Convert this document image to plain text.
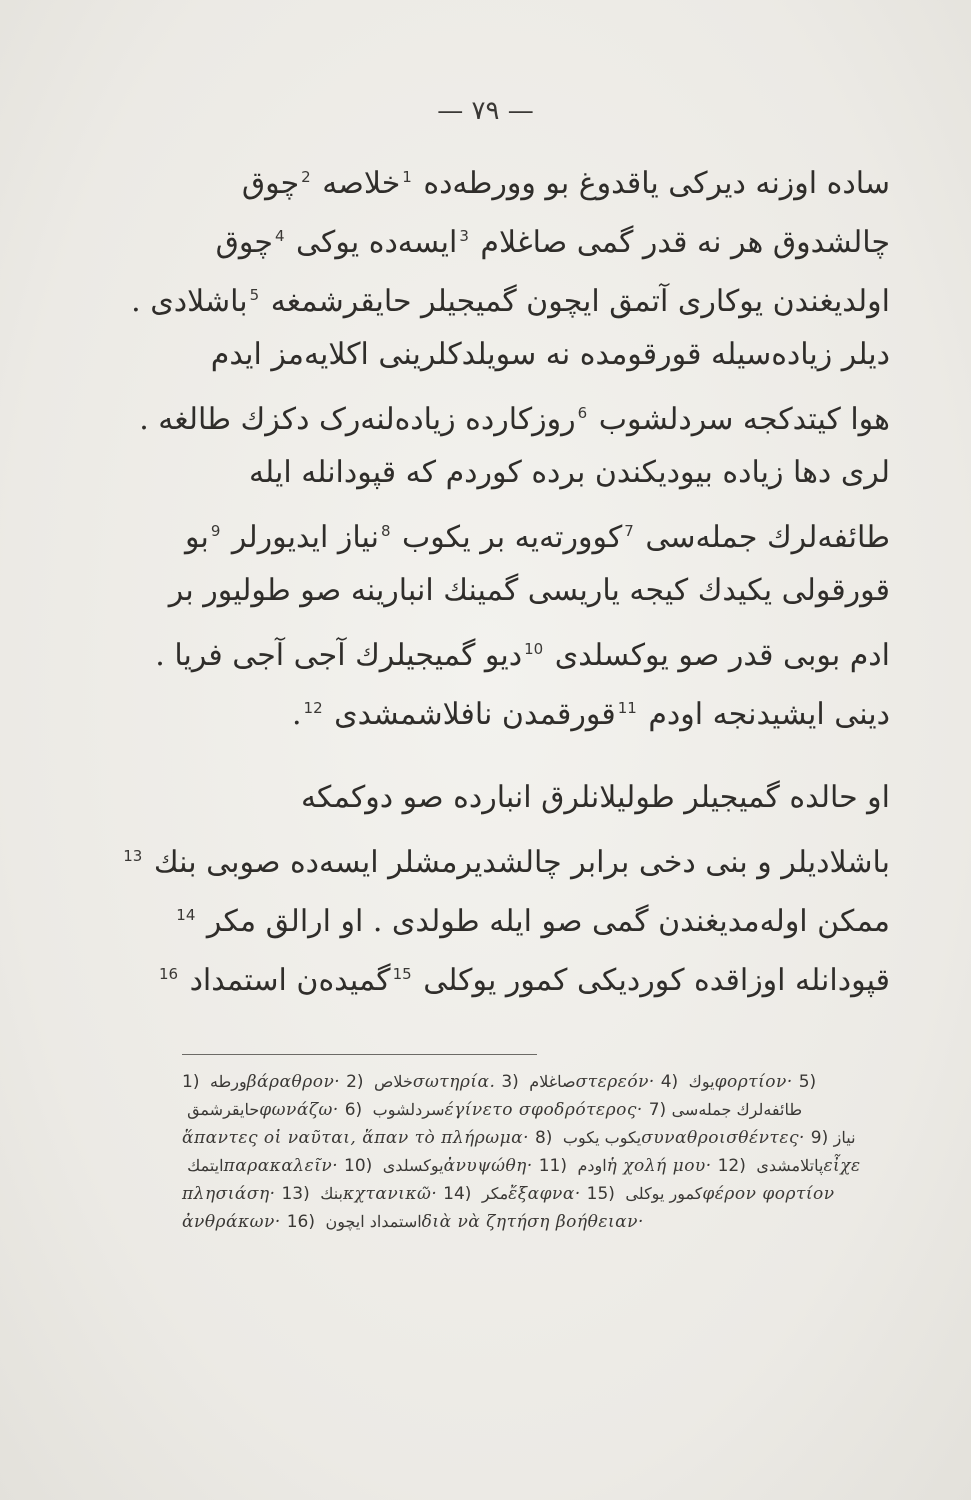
— ٧٩ —
ساده اوزنه دیرکی یاقدوغ بو وورطه‌ده $^1$خلاصه $^2$چوق
چالشدوق هر نه قدر گمی صاغلام $^3$ایسه‌ده یوکی $^4$چوق
اولدیغندن یوکاری آتمق ایچون گمیجیلر حایقرشمغه $^5$باشلادی .
دیلر زیاده‌سیله قورقومده نه سویلدکلرینی اکلایه‌مز ایدم
هوا کیتدکجه سردلشوب $^6$روزکارده زیاده‌لنه‌رک دکزك طالغه .
لری دها زیاده بیودیکندن برده کوردم که قپودانله ایله
طائفه‌لرك جمله‌سی $^7$کوورته‌یه بر یکوب $^8$نیاز ایدیورلر $^9$بو
قورقولی یکیدك کیجه یاریسی گمینك انبارینه صو طولیور بر
ادم بوبی قدر صو یوکسلدی $^{10}$دیو گمیجیلرك آجی آجی فریا .
دینی ایشیدنجه اودم $^{11}$قورقمدن نافلاشمشدی $^{12}$.
او حالده گمیجیلر طولیلانلرق انبارده صو دوکمکه
باشلادیلر و بنی دخی برابر چالشدیرمشلر ایسه‌ده صوبی بنك $^{13}$
ممکن اوله‌مدیغندن گمی صو ایله طولدی . او ارالق مکر $^{14}$
قپودانله اوزاقده کوردیکی کمور یوکلی $^{15}$گمیده‌ن استمداد $^{16}$
1) ورطه βάραθρον· 2) خلاص σωτηρία. 3) صاغلام στερεόν· 4) یوك φορτίον· 5) حایقرشمق φωνάζω· 6) سردلشوب έγίνετο σφοδρότερος· 7) طائفه‌لرك جمله‌سی ἅπαντες οἱ ναῦται, ἅπαν τὸ πλήρωμα· 8) یکوب یکوب συναθροισθέντες· 9) نیاز ایتمك παρακαλεῖν· 10) یوکسلدی ἀνυψώθη· 11) اودم ἡ χολή μου· 12) پاتلامشدی εἶχε πλησιάση· 13) بنك κχτανικῶ· 14) مکر ἔξαφνα· 15) کمور یوکلی φέρον φορτίον ἀνθράκων· 16) استمداد ایچون διὰ νὰ ζητήση βοήθειαν·
